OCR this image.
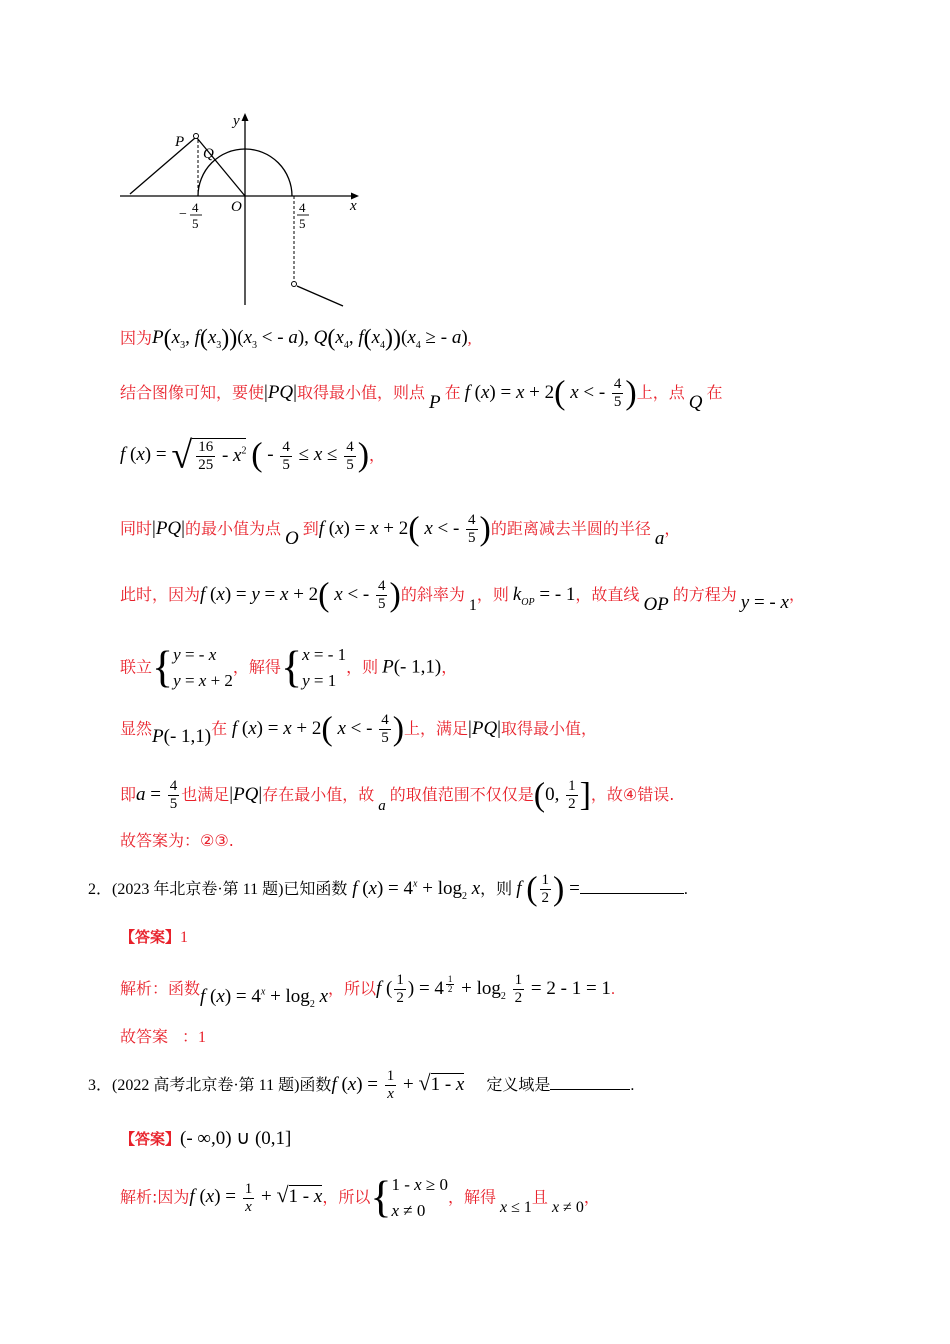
y
x
O
P
Q
− 4
5
4
5
因为$P(x_3$, $f(x_3))(x_3$ < - a), $Q(x_4$, $f(x_4))(x_4$ ≥ - a),
结合图像可知，要使|PQ|取得最小值，则点 P 在 f (x) = x + 2( x < - $\frac{4}{5}$ )上，点 Q 在
f (x) = √ $\frac{16}{25} - x^2$ ( - $\frac{4}{5} \le x \le \frac{4}{5}$ )，
同时|PQ|的最小值为点 O 到f (x) = x + 2( x < - $\frac{4}{5}$ )的距离减去半圆的半径 a，
此时，因为f (x) = y = x + 2( x < - $\frac{4}{5}$ )的斜率为 1，则 $k_{OP}$ = - 1，故直线 OP 的方程为 y = - x，
联立{y = - x
y = x + 2，解得{x = - 1
y = 1，则 P(- 1,1)，
显然P(- 1,1)在 f (x) = x + 2( x < - $\frac{4}{5}$ )上，满足|PQ|取得最小值，
即$a = \frac{4}{5}$ 也满足|PQ|存在最小值，故 a 的取值范围不仅仅是(0, $\frac{1}{2}$ ]，故④错误.
故答案为：②③.
2．(2023 年北京卷·第 11 题)已知函数 f $(x) = 4^x + \log_2 x$，则 f ( $\frac{1}{2}$ ) =	.
【答案】1
解析：函数f $(x) = 4^x + \log_2 x$，所以f ( $\frac{1}{2}$ ) = 4 $^{\frac{1}{2}} + \log_2 \frac{1}{2} = 2 - 1 = 1$.
故答案 ：1
3．(2022 高考北京卷·第 11 题)函数f $(x) = \frac{1}{x} + √1 - x$ 定义域是	.
【答案】(- ∞,0) ∪ (0,1]
解析:因为f $(x) = \frac{1}{x} + √1 - x$，所以{1 - x ≥ 0
x ≠ 0，解得 x ≤ 1且 x ≠ 0，
